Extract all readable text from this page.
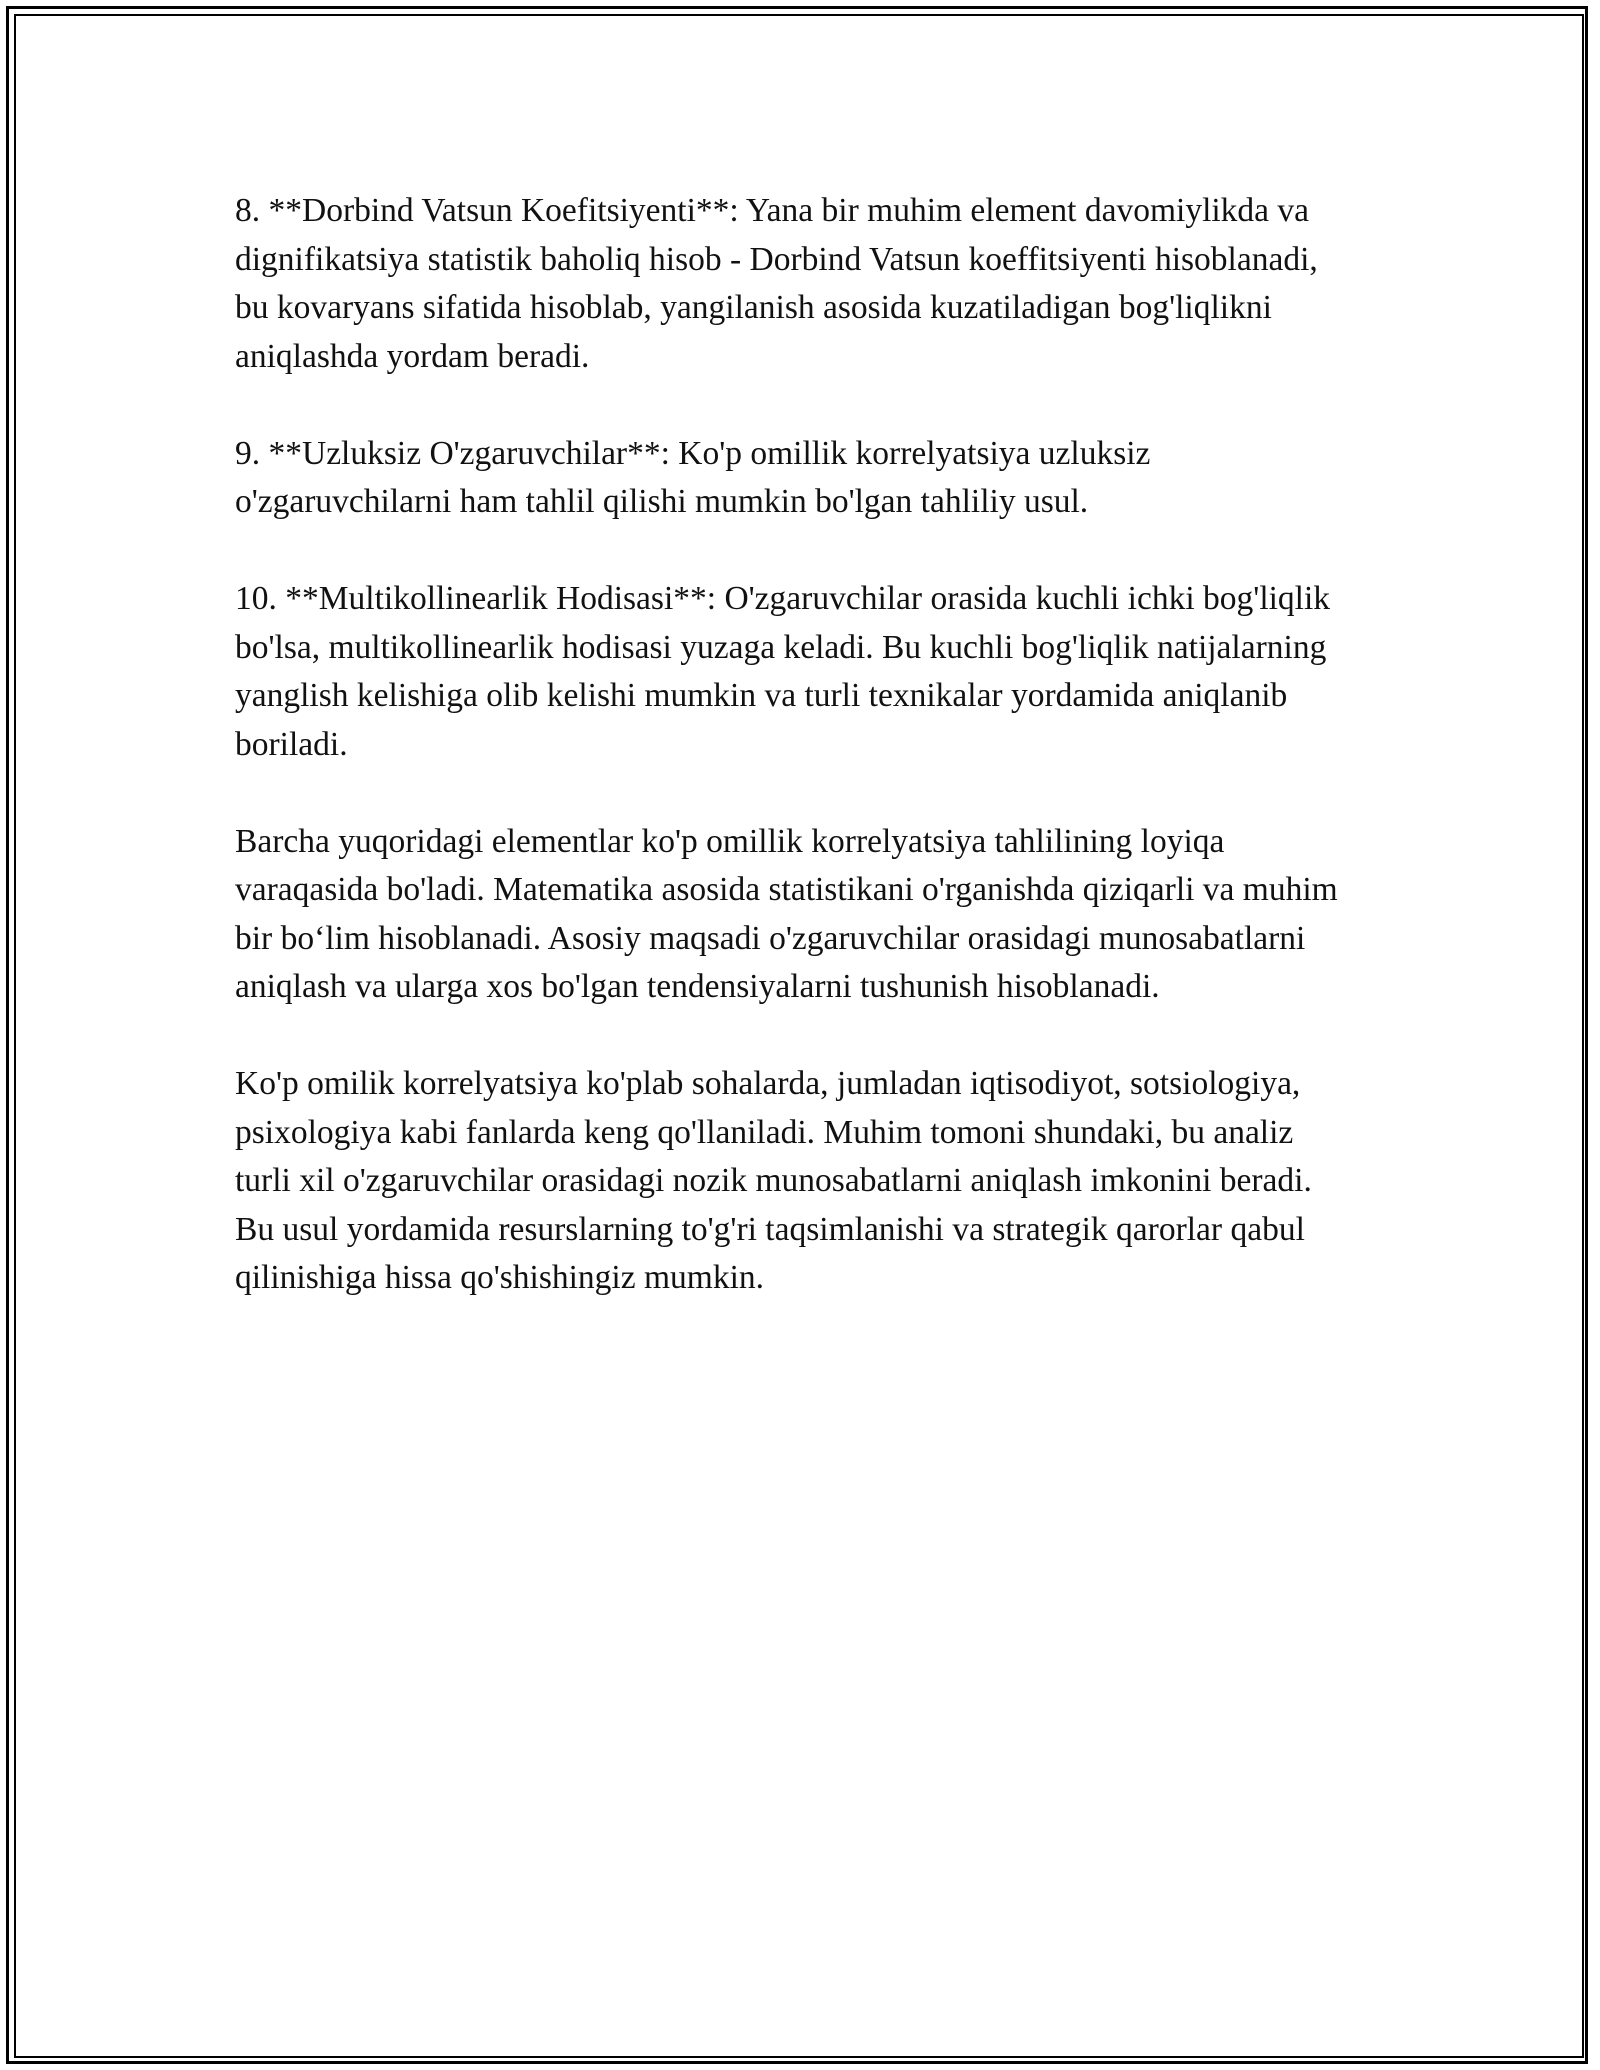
8. **Dorbind Vatsun Koefitsiyenti**: Yana bir muhim element davomiylikda va dignifikatsiya statistik baholiq hisob - Dorbind Vatsun koeffitsiyenti hisoblanadi, bu kovaryans sifatida hisoblab, yangilanish asosida kuzatiladigan bog'liqlikni aniqlashda yordam beradi.

9. **Uzluksiz O'zgaruvchilar**: Ko'p omillik korrelyatsiya uzluksiz o'zgaruvchilarni ham tahlil qilishi mumkin bo'lgan tahliliy usul.

10. **Multikollinearlik Hodisasi**: O'zgaruvchilar orasida kuchli ichki bog'liqlik bo'lsa, multikollinearlik hodisasi yuzaga keladi. Bu kuchli bog'liqlik natijalarning yanglish kelishiga olib kelishi mumkin va turli texnikalar yordamida aniqlanib boriladi.

Barcha yuqoridagi elementlar ko'p omillik korrelyatsiya tahlilining loyiqa varaqasida bo'ladi. Matematika asosida statistikani o'rganishda qiziqarli va muhim bir bo‘lim hisoblanadi. Asosiy maqsadi o'zgaruvchilar orasidagi munosabatlarni aniqlash va ularga xos bo'lgan tendensiyalarni tushunish hisoblanadi.

Ko'p omilik korrelyatsiya ko'plab sohalarda, jumladan iqtisodiyot, sotsiologiya, psixologiya kabi fanlarda keng qo'llaniladi. Muhim tomoni shundaki, bu analiz turli xil o'zgaruvchilar orasidagi nozik munosabatlarni aniqlash imkonini beradi. Bu usul yordamida resurslarning to'g'ri taqsimlanishi va strategik qarorlar qabul qilinishiga hissa qo'shishingiz mumkin.
